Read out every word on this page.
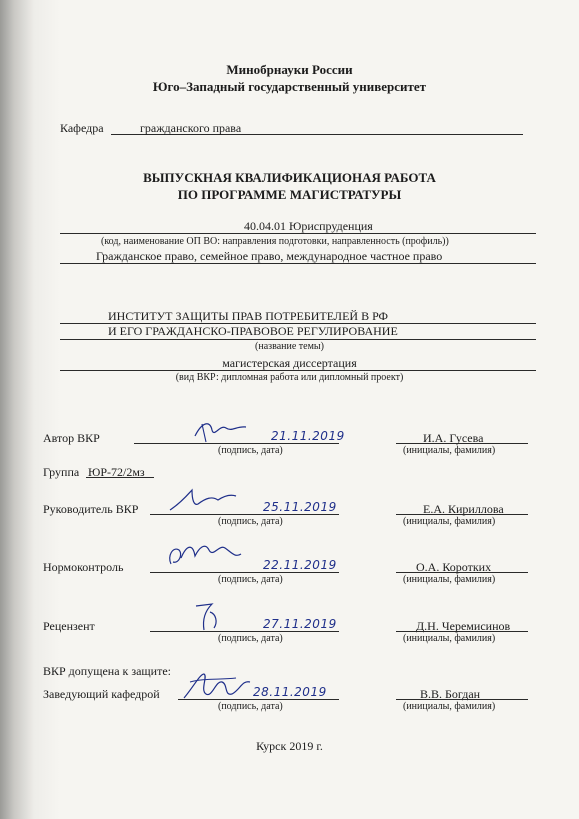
Минобрнауки России
Юго–Западный государственный университет
Кафедра	гражданского права
ВЫПУСКНАЯ КВАЛИФИКАЦИОНАЯ РАБОТА
ПО ПРОГРАММЕ МАГИСТРАТУРЫ
40.04.01 Юриспруденция
(код, наименование ОП ВО: направления подготовки, направленность (профиль))
Гражданское право, семейное право, международное частное право
ИНСТИТУТ ЗАЩИТЫ ПРАВ ПОТРЕБИТЕЛЕЙ В РФ
И ЕГО ГРАЖДАНСКО-ПРАВОВОЕ РЕГУЛИРОВАНИЕ
(название темы)
магистерская диссертация
(вид ВКР: дипломная работа или дипломный проект)
Автор ВКР	21.11.2019
(подпись, дата)
И.А. Гусева
(инициалы, фамилия)
Группа ЮР-72/2мз
Руководитель ВКР	25.11.2019
(подпись, дата)
Е.А. Кириллова
(инициалы, фамилия)
Нормоконтроль	22.11.2019
(подпись, дата)
О.А. Коротких
(инициалы, фамилия)
Рецензент	27.11.2019
(подпись, дата)
Д.Н. Черемисинов
(инициалы, фамилия)
ВКР допущена к защите:
Заведующий кафедрой	28.11.2019
(подпись, дата)
В.В. Богдан
(инициалы, фамилия)
Курск 2019 г.
